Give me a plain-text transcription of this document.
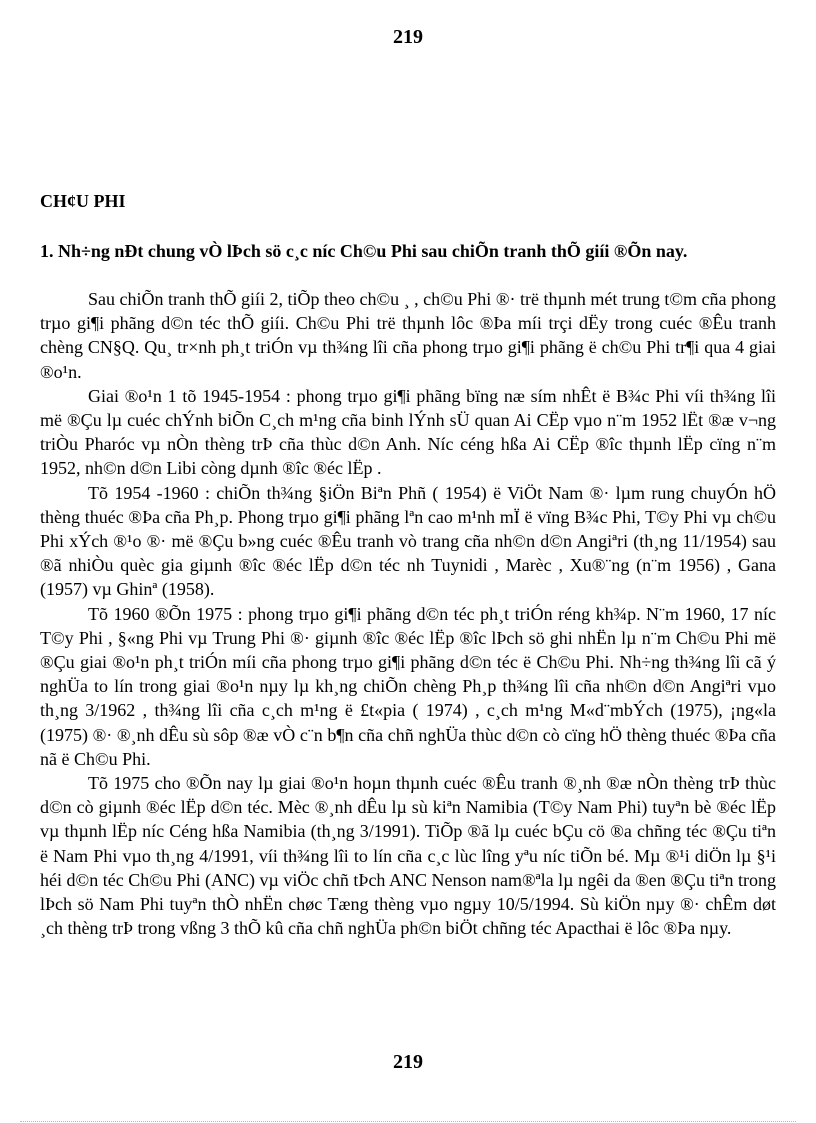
219
CH¢U PHI
1. Nh÷ng nÐt chung vÒ lÞch sö c¸c níc Ch©u Phi sau chiÕn tranh thÕ giíi ®Õn nay.

Sau chiÕn tranh thÕ giíi 2, tiÕp theo ch©u ¸ , ch©u Phi ®· trë thµnh mét trung t©m cña phong trµo gi¶i phãng d©n téc thÕ giíi. Ch©u Phi trë thµnh lôc ®Þa míi trçi dËy trong cuéc ®Êu tranh chèng CN§Q. Qu¸ tr×nh ph¸t triÓn vµ th¾ng lîi cña phong trµo gi¶i phãng ë ch©u Phi tr¶i qua 4 giai ®o¹n.

Giai ®o¹n 1 tõ 1945-1954 : phong trµo gi¶i phãng bïng næ sím nhÊt ë B¾c Phi víi th¾ng lîi më ®Çu lµ cuéc chÝnh biÕn C¸ch m¹ng cña binh lÝnh sÜ quan Ai CËp vµo n¨m 1952 lËt ®æ v¬ng triÒu Pharóc vµ nÒn thèng trÞ cña thùc d©n Anh. Níc céng hßa Ai CËp ®îc thµnh lËp cïng n¨m 1952, nh©n d©n Libi còng dµnh ®îc ®éc lËp .

Tõ 1954 -1960 : chiÕn th¾ng §iÖn Biªn Phñ ( 1954) ë ViÖt Nam ®· lµm rung chuyÓn hÖ thèng thuéc ®Þa cña Ph¸p. Phong trµo gi¶i phãng lªn cao m¹nh mÏ ë vïng B¾c Phi, T©y Phi vµ ch©u Phi xÝch ®¹o ®· më ®Çu b»ng cuéc ®Êu tranh vò trang cña nh©n d©n Angiªri (th¸ng 11/1954) sau ®ã nhiÒu quèc gia giµnh ®îc ®éc lËp d©n téc nh Tuynidi , Marèc , Xu®¨ng (n¨m 1956) , Gana (1957) vµ Ghinª (1958).

Tõ 1960 ®Õn 1975 : phong trµo gi¶i phãng d©n téc ph¸t triÓn réng kh¾p. N¨m 1960, 17 níc T©y Phi , §«ng Phi vµ Trung Phi ®· giµnh ®îc ®éc lËp ®îc lÞch sö ghi nhËn lµ n¨m Ch©u Phi më ®Çu giai ®o¹n ph¸t triÓn míi cña phong trµo gi¶i phãng d©n téc ë Ch©u Phi. Nh÷ng th¾ng lîi cã ý nghÜa to lín trong giai ®o¹n nµy lµ kh¸ng chiÕn chèng Ph¸p th¾ng lîi cña nh©n d©n Angiªri vµo th¸ng 3/1962 , th¾ng lîi cña c¸ch m¹ng ë £t«pia ( 1974) , c¸ch m¹ng M«d¨mbÝch (1975), ¡ng«la (1975) ®· ®¸nh dÊu sù sôp ®æ vÒ c¨n b¶n cña chñ nghÜa thùc d©n cò cïng hÖ thèng thuéc ®Þa cña nã ë Ch©u Phi.

Tõ 1975 cho ®Õn nay lµ giai ®o¹n hoµn thµnh cuéc ®Êu tranh ®¸nh ®æ nÒn thèng trÞ thùc d©n cò giµnh ®éc lËp d©n téc. Mèc ®¸nh dÊu lµ sù kiªn Namibia (T©y Nam Phi) tuyªn bè ®éc lËp vµ thµnh lËp níc Céng hßa Namibia (th¸ng 3/1991). TiÕp ®ã lµ cuéc bÇu cö ®a chñng téc ®Çu tiªn ë Nam Phi vµo th¸ng 4/1991, víi th¾ng lîi to lín cña c¸c lùc lîng yªu níc tiÕn bé. Mµ ®¹i diÖn lµ §¹i héi d©n téc Ch©u Phi (ANC) vµ viÖc chñ tÞch ANC Nenson nam®ªla lµ ngêi da ®en ®Çu tiªn trong lÞch sö Nam Phi tuyªn thÒ nhËn chøc Tæng thèng vµo ngµy 10/5/1994. Sù kiÖn nµy ®· chÊm døt ¸ch thèng trÞ trong vßng 3 thÕ kû cña chñ nghÜa ph©n biÖt chñng téc Apacthai ë lôc ®Þa nµy.

219
